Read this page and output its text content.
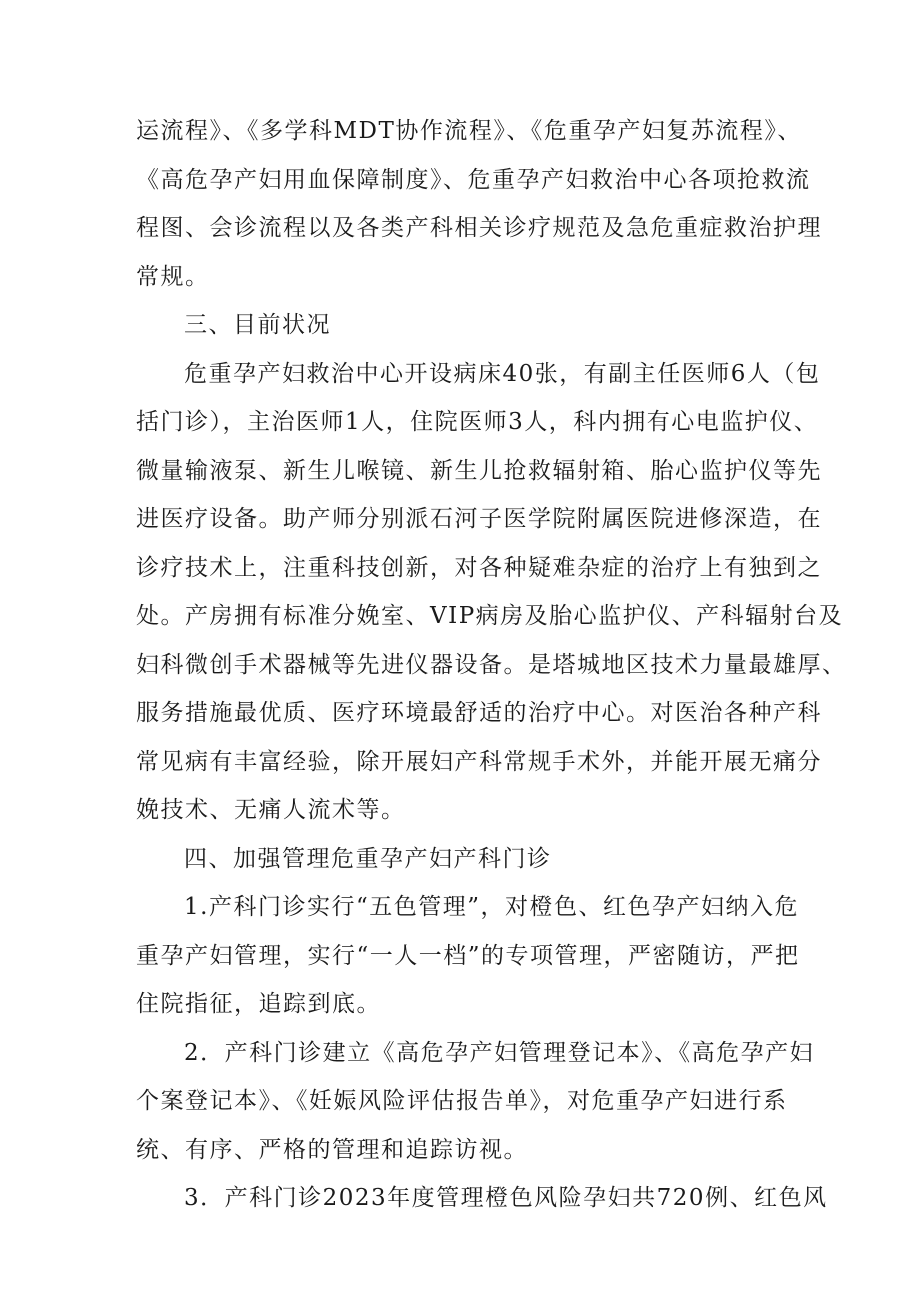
运流程》、《多学科MDT协作流程》、《危重孕产妇复苏流程》、
《高危孕产妇用血保障制度》、危重孕产妇救治中心各项抢救流
程图、会诊流程以及各类产科相关诊疗规范及急危重症救治护理
常规。
三、目前状况
危重孕产妇救治中心开设病床40张，有副主任医师6人（包
括门诊），主治医师1人，住院医师3人，科内拥有心电监护仪、
微量输液泵、新生儿喉镜、新生儿抢救辐射箱、胎心监护仪等先
进医疗设备。助产师分别派石河子医学院附属医院进修深造，在
诊疗技术上，注重科技创新，对各种疑难杂症的治疗上有独到之
处。产房拥有标准分娩室、VIP病房及胎心监护仪、产科辐射台及
妇科微创手术器械等先进仪器设备。是塔城地区技术力量最雄厚、
服务措施最优质、医疗环境最舒适的治疗中心。对医治各种产科
常见病有丰富经验，除开展妇产科常规手术外，并能开展无痛分
娩技术、无痛人流术等。
四、加强管理危重孕产妇产科门诊
1.产科门诊实行“五色管理”，对橙色、红色孕产妇纳入危
重孕产妇管理，实行“一人一档”的专项管理，严密随访，严把
住院指征，追踪到底。
2．产科门诊建立《高危孕产妇管理登记本》、《高危孕产妇
个案登记本》、《妊娠风险评估报告单》，对危重孕产妇进行系
统、有序、严格的管理和追踪访视。
3．产科门诊2023年度管理橙色风险孕妇共720例、红色风
